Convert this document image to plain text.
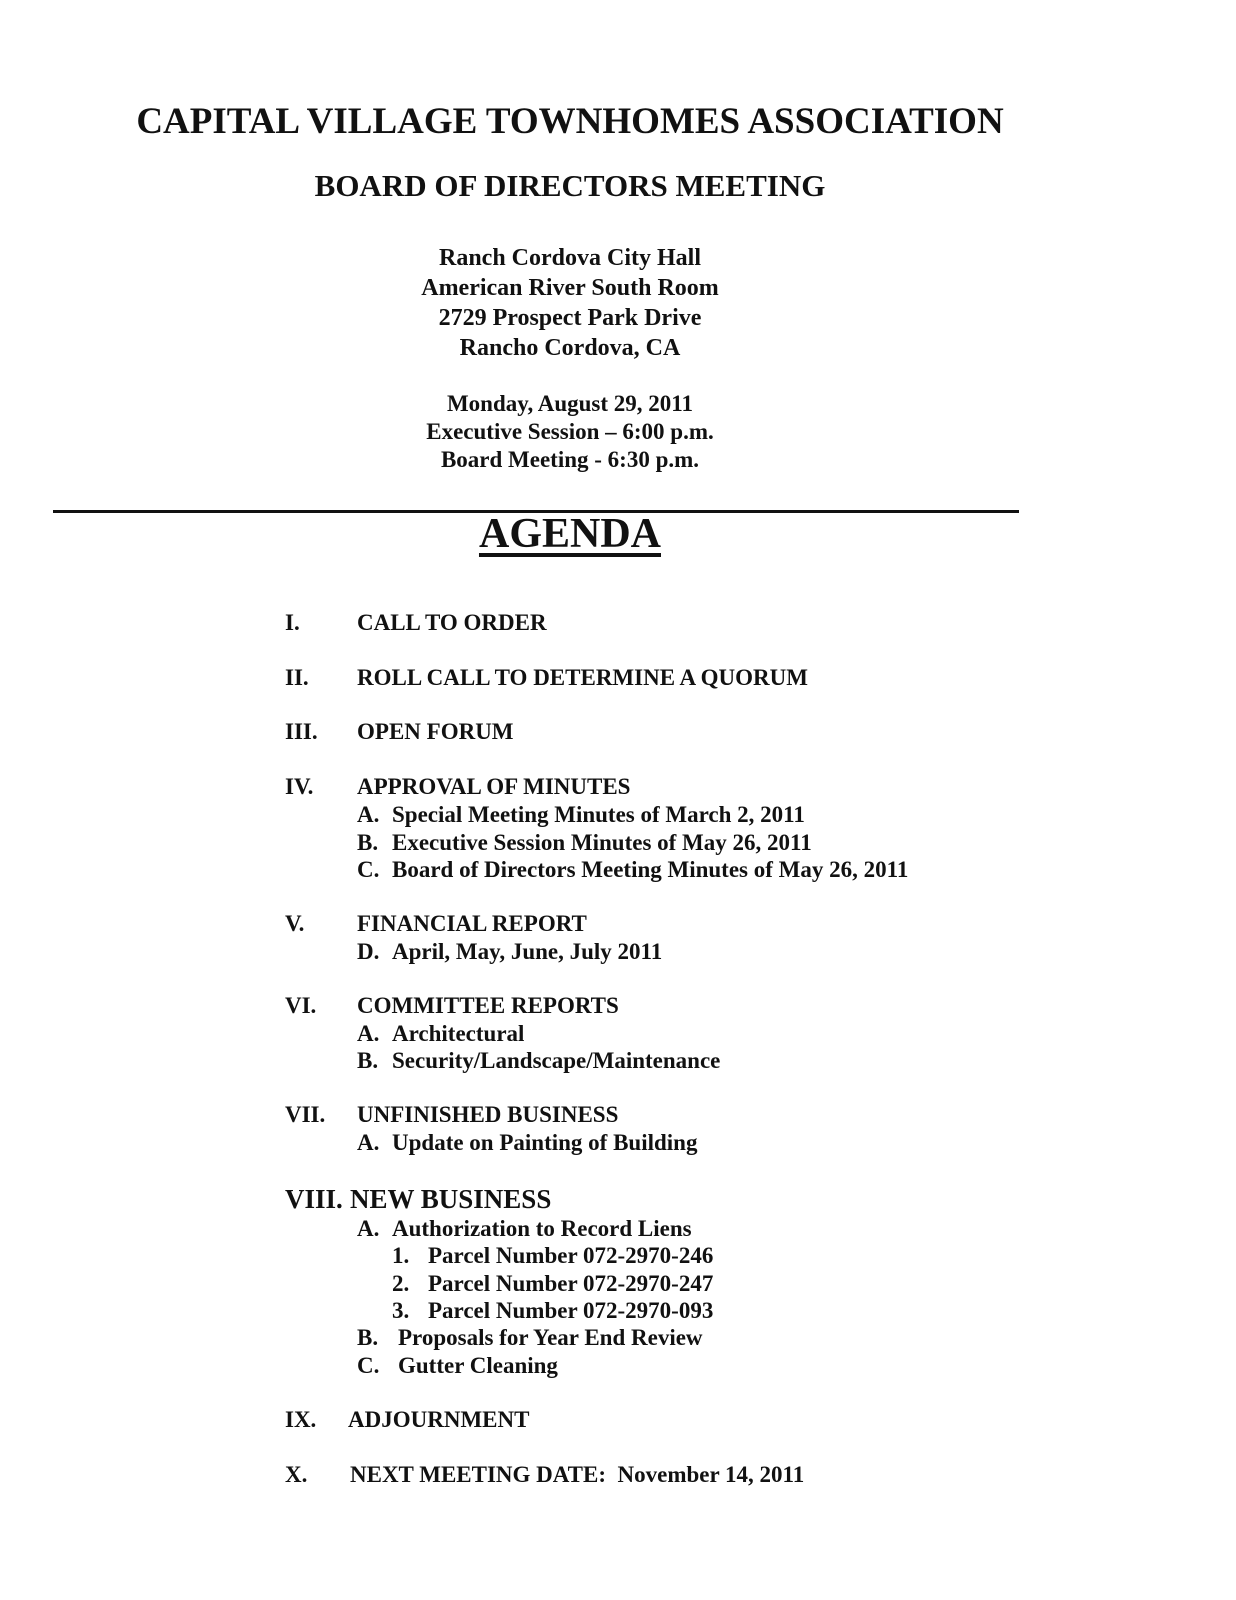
CAPITAL VILLAGE TOWNHOMES ASSOCIATION
BOARD OF DIRECTORS MEETING
Ranch Cordova City Hall
American River South Room
2729 Prospect Park Drive
Rancho Cordova, CA
Monday, August 29, 2011
Executive Session – 6:00 p.m.
Board Meeting - 6:30 p.m.
AGENDA
I. CALL TO ORDER
II. ROLL CALL TO DETERMINE A QUORUM
III. OPEN FORUM
IV. APPROVAL OF MINUTES
A. Special Meeting Minutes of March 2, 2011
B. Executive Session Minutes of May 26, 2011
C. Board of Directors Meeting Minutes of May 26, 2011
V. FINANCIAL REPORT
D. April, May, June, July 2011
VI. COMMITTEE REPORTS
A. Architectural
B. Security/Landscape/Maintenance
VII. UNFINISHED BUSINESS
A. Update on Painting of Building
VIII. NEW BUSINESS
A. Authorization to Record Liens
1. Parcel Number 072-2970-246
2. Parcel Number 072-2970-247
3. Parcel Number 072-2970-093
B. Proposals for Year End Review
C. Gutter Cleaning
IX. ADJOURNMENT
X. NEXT MEETING DATE:  November 14, 2011
